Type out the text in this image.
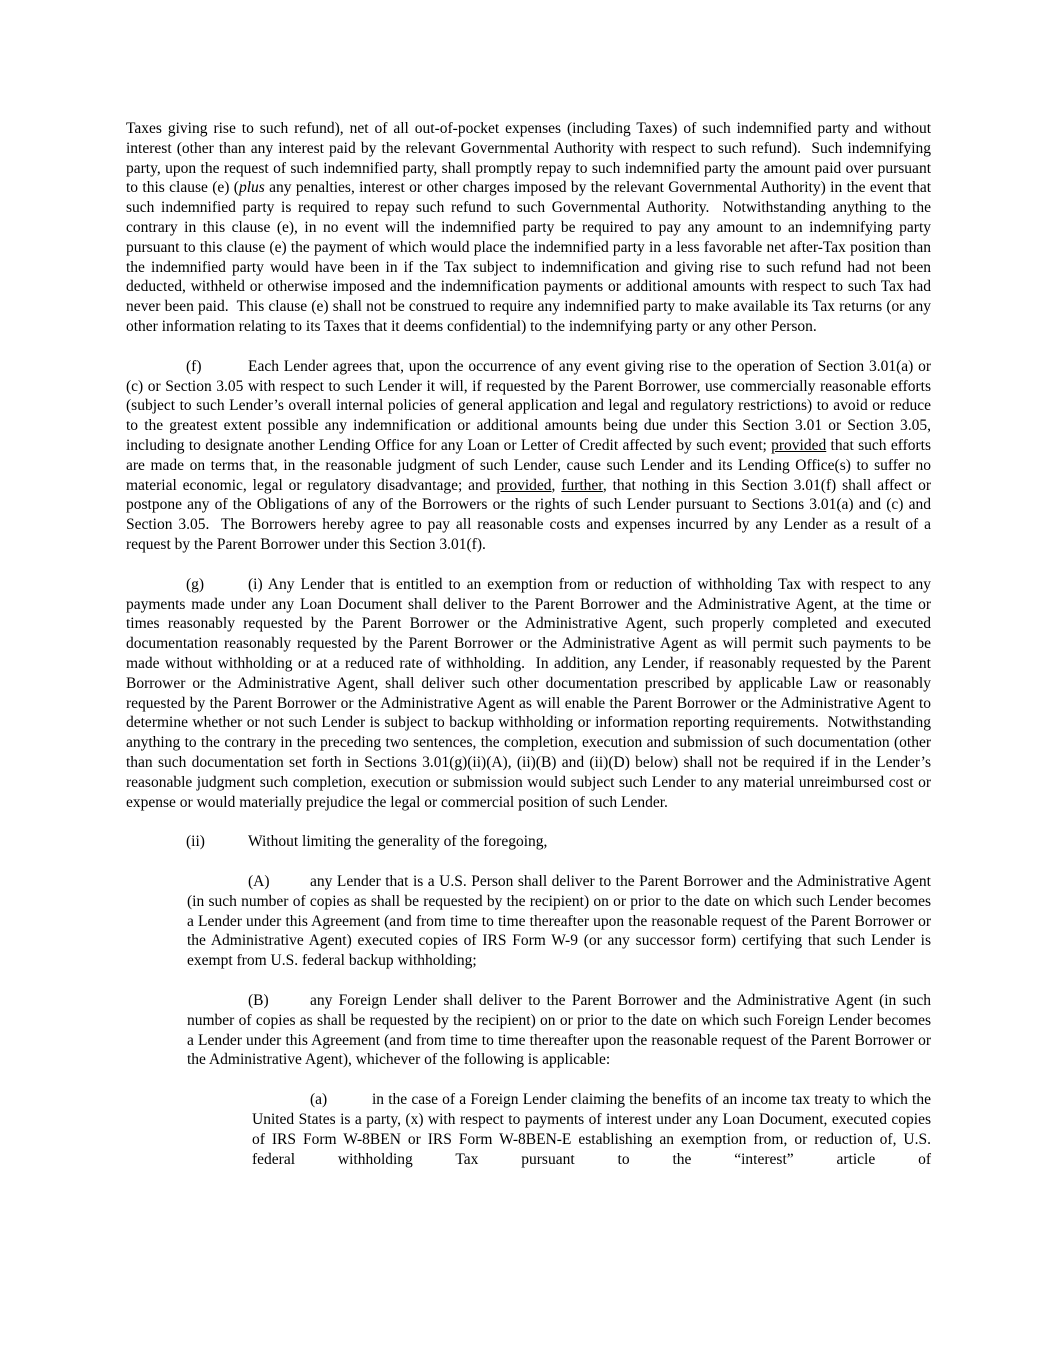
Taxes giving rise to such refund), net of all out-of-pocket expenses (including Taxes) of such indemnified party and without interest (other than any interest paid by the relevant Governmental Authority with respect to such refund).  Such indemnifying party, upon the request of such indemnified party, shall promptly repay to such indemnified party the amount paid over pursuant to this clause (e) (plus any penalties, interest or other charges imposed by the relevant Governmental Authority) in the event that such indemnified party is required to repay such refund to such Governmental Authority.  Notwithstanding anything to the contrary in this clause (e), in no event will the indemnified party be required to pay any amount to an indemnifying party pursuant to this clause (e) the payment of which would place the indemnified party in a less favorable net after-Tax position than the indemnified party would have been in if the Tax subject to indemnification and giving rise to such refund had not been deducted, withheld or otherwise imposed and the indemnification payments or additional amounts with respect to such Tax had never been paid.  This clause (e) shall not be construed to require any indemnified party to make available its Tax returns (or any other information relating to its Taxes that it deems confidential) to the indemnifying party or any other Person.

(f)	Each Lender agrees that, upon the occurrence of any event giving rise to the operation of Section 3.01(a) or (c) or Section 3.05 with respect to such Lender it will, if requested by the Parent Borrower, use commercially reasonable efforts (subject to such Lender’s overall internal policies of general application and legal and regulatory restrictions) to avoid or reduce to the greatest extent possible any indemnification or additional amounts being due under this Section 3.01 or Section 3.05, including to designate another Lending Office for any Loan or Letter of Credit affected by such event; provided that such efforts are made on terms that, in the reasonable judgment of such Lender, cause such Lender and its Lending Office(s) to suffer no material economic, legal or regulatory disadvantage; and provided, further, that nothing in this Section 3.01(f) shall affect or postpone any of the Obligations of any of the Borrowers or the rights of such Lender pursuant to Sections 3.01(a) and (c) and Section 3.05.  The Borrowers hereby agree to pay all reasonable costs and expenses incurred by any Lender as a result of a request by the Parent Borrower under this Section 3.01(f).

(g)	(i) Any Lender that is entitled to an exemption from or reduction of withholding Tax with respect to any payments made under any Loan Document shall deliver to the Parent Borrower and the Administrative Agent, at the time or times reasonably requested by the Parent Borrower or the Administrative Agent, such properly completed and executed documentation reasonably requested by the Parent Borrower or the Administrative Agent as will permit such payments to be made without withholding or at a reduced rate of withholding.  In addition, any Lender, if reasonably requested by the Parent Borrower or the Administrative Agent, shall deliver such other documentation prescribed by applicable Law or reasonably requested by the Parent Borrower or the Administrative Agent as will enable the Parent Borrower or the Administrative Agent to determine whether or not such Lender is subject to backup withholding or information reporting requirements.  Notwithstanding anything to the contrary in the preceding two sentences, the completion, execution and submission of such documentation (other than such documentation set forth in Sections 3.01(g)(ii)(A), (ii)(B) and (ii)(D) below) shall not be required if in the Lender’s reasonable judgment such completion, execution or submission would subject such Lender to any material unreimbursed cost or expense or would materially prejudice the legal or commercial position of such Lender.

(ii)	Without limiting the generality of the foregoing,

(A)	any Lender that is a U.S. Person shall deliver to the Parent Borrower and the Administrative Agent (in such number of copies as shall be requested by the recipient) on or prior to the date on which such Lender becomes a Lender under this Agreement (and from time to time thereafter upon the reasonable request of the Parent Borrower or the Administrative Agent) executed copies of IRS Form W-9 (or any successor form) certifying that such Lender is exempt from U.S. federal backup withholding;

(B)	any Foreign Lender shall deliver to the Parent Borrower and the Administrative Agent (in such number of copies as shall be requested by the recipient) on or prior to the date on which such Foreign Lender becomes a Lender under this Agreement (and from time to time thereafter upon the reasonable request of the Parent Borrower or the Administrative Agent), whichever of the following is applicable:

(a)	in the case of a Foreign Lender claiming the benefits of an income tax treaty to which the United States is a party, (x) with respect to payments of interest under any Loan Document, executed copies of IRS Form W-8BEN or IRS Form W-8BEN-E establishing an exemption from, or reduction of, U.S. federal withholding Tax pursuant to the “interest” article of
